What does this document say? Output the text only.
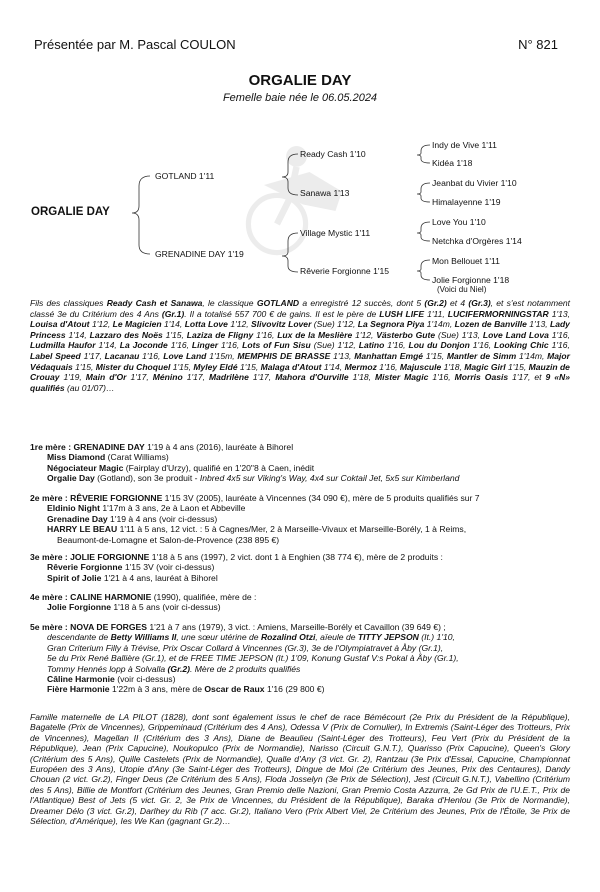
Présentée par M. Pascal COULON	N° 821
ORGALIE DAY
Femelle baie née le 06.05.2024
ORGALIE DAY
GOTLAND 1'11
GRENADINE DAY 1'19
Ready Cash 1'10
Sanawa 1'13
Village Mystic 1'11
Rêverie Forgionne 1'15
Indy de Vive 1'11
Kidéa 1'18
Jeanbat du Vivier 1'10
Himalayenne 1'19
Love You 1'10
Netchka d'Orgères 1'14
Mon Bellouet 1'11
Jolie Forgionne 1'18
(Voici du Niel)
Fils des classiques Ready Cash et Sanawa, le classique GOTLAND a enregistré 12 succès, dont 5 (Gr.2) et 4 (Gr.3), et s'est notamment classé 3e du Critérium des 4 Ans (Gr.1). Il a totalisé 557 700 € de gains. Il est le père de LUSH LIFE 1'11, LUCIFERMORNINGSTAR 1'13, Louisa d'Atout 1'12, Le Magicien 1'14, Lotta Love 1'12, Slivovitz Lover (Sue) 1'12, La Segnora Piya 1'14m, Lozen de Banville 1'13, Lady Princess 1'14, Lazzaro des Noës 1'15, Laziza de Fligny 1'16, Lux de la Meslière 1'12, Västerbo Gute (Sue) 1'13, Love Land Lova 1'16, Ludmilla Haufor 1'14, La Joconde 1'16, Linger 1'16, Lots of Fun Sisu (Sue) 1'12, Latino 1'16, Lou du Donjon 1'16, Looking Chic 1'16, Label Speed 1'17, Lacanau 1'16, Love Land 1'15m, MEMPHIS DE BRASSE 1'13, Manhattan Emgé 1'15, Mantler de Simm 1'14m, Major Védaquais 1'15, Mister du Choquel 1'15, Myley Eldé 1'15, Malaga d'Atout 1'14, Mermoz 1'16, Majuscule 1'18, Magic Girl 1'15, Mauzin de Crouay 1'19, Main d'Or 1'17, Ménino 1'17, Madrilène 1'17, Mahora d'Ourville 1'18, Mister Magic 1'16, Morris Oasis 1'17, et 9 «N» qualifiés (au 01/07)…
1re mère : GRENADINE DAY 1'19 à 4 ans (2016), lauréate à Bihorel
Miss Diamond (Carat Williams)
Négociateur Magic (Fairplay d'Urzy), qualifié en 1'20"8 à Caen, inédit
Orgalie Day (Gotland), son 3e produit - Inbred 4x5 sur Viking's Way, 4x4 sur Coktail Jet, 5x5 sur Kimberland
2e mère : RÊVERIE FORGIONNE 1'15 3V (2005), lauréate à Vincennes (34 090 €), mère de 5 produits qualifiés sur 7
Eldinio Night 1'17m à 3 ans, 2e à Laon et Abbeville
Grenadine Day 1'19 à 4 ans (voir ci-dessus)
HARRY LE BEAU 1'11 à 5 ans, 12 vict. : 5 à Cagnes/Mer, 2 à Marseille-Vivaux et Marseille-Borély, 1 à Reims,
Beaumont-de-Lomagne et Salon-de-Provence (238 895 €)
3e mère : JOLIE FORGIONNE 1'18 à 5 ans (1997), 2 vict. dont 1 à Enghien (38 774 €), mère de 2 produits :
Rêverie Forgionne 1'15 3V (voir ci-dessus)
Spirit of Jolie 1'21 à 4 ans, lauréat à Bihorel
4e mère : CALINE HARMONIE (1990), qualifiée, mère de :
Jolie Forgionne 1'18 à 5 ans (voir ci-dessus)
5e mère : NOVA DE FORGES 1'21 à 7 ans (1979), 3 vict. : Amiens, Marseille-Borély et Cavaillon (39 649 €) ;
descendante de Betty Williams II, une sœur utérine de Rozalind Otzi, aïeule de TITTY JEPSON (It.) 1'10,
Gran Criterium Filly à Trévise, Prix Oscar Collard à Vincennes (Gr.3), 3e de l'Olympiatravet à Åby (Gr.1),
5e du Prix René Ballière (Gr.1), et de FREE TIME JEPSON (It.) 1'09, Konung Gustaf V:s Pokal à Åby (Gr.1),
Tommy Hennés lopp à Solvalla (Gr.2). Mère de 2 produits qualifiés
Câline Harmonie (voir ci-dessus)
Fière Harmonie 1'22m à 3 ans, mère de Oscar de Raux 1'16 (29 800 €)
Famille maternelle de LA PILOT (1828), dont sont également issus le chef de race Bémécourt (2e Prix du Président de la République), Bagatelle (Prix de Vincennes), Grippeminaud (Critérium des 4 Ans), Odessa V (Prix de Cornulier), In Extremis (Saint-Léger des Trotteurs, Prix de Vincennes), Magellan II (Critérium des 3 Ans), Diane de Beaulieu (Saint-Léger des Trotteurs), Feu Vert (Prix du Président de la République), Jean (Prix Capucine), Noukopulco (Prix de Normandie), Narisso (Circuit G.N.T.), Quarisso (Prix Capucine), Queen's Glory (Critérium des 5 Ans), Quille Castelets (Prix de Normandie), Qualle d'Any (3 vict. Gr. 2), Rantzau (3e Prix d'Essai, Capucine, Championnat Européen des 3 Ans), Utopie d'Any (3e Saint-Léger des Trotteurs), Dingue de Moi (2e Critérium des Jeunes, Prix des Centaures), Dandy Chouan (2 vict. Gr.2), Finger Deus (2e Critérium des 5 Ans), Floda Josselyn (3e Prix de Sélection), Jest (Circuit G.N.T.), Vabellino (Critérium des 5 Ans), Billie de Montfort (Critérium des Jeunes, Gran Premio delle Nazioni, Gran Premio Costa Azzurra, 2e Gd Prix de l'U.E.T., Prix de l'Atlantique) Best of Jets (5 vict. Gr. 2, 3e Prix de Vincennes, du Président de la République), Baraka d'Henlou (3e Prix de Normandie), Dreamer Délo (3 vict. Gr.2), Darlhey du Rib (7 acc. Gr.2), Italiano Vero (Prix Albert Viel, 2e Critérium des Jeunes, Prix de l'Étoile, 3e Prix de Sélection, d'Amérique), Ies We Kan (gagnant Gr.2)…
